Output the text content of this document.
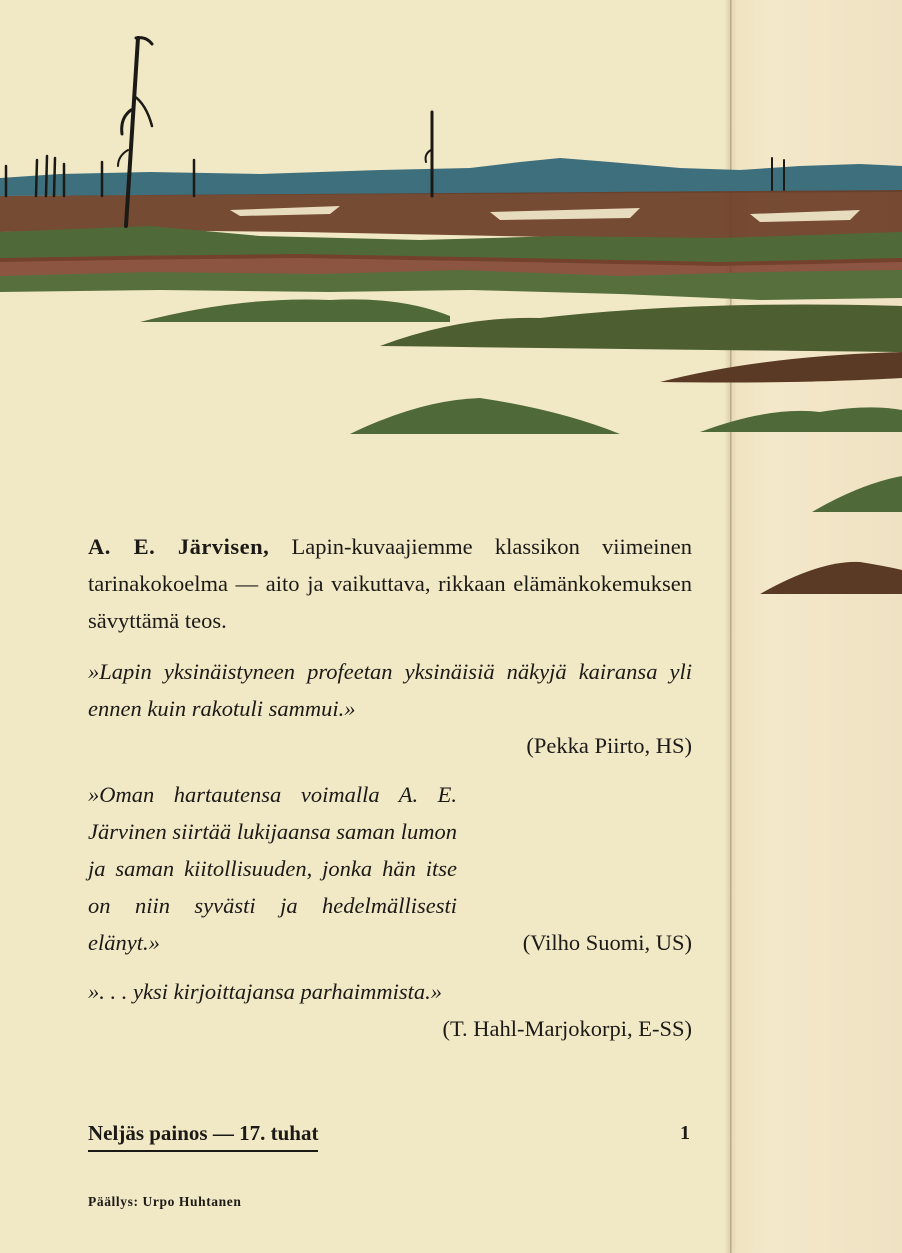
A. E. Järvisen, Lapin-kuvaajiemme klassikon viimeinen tarinakokoelma — aito ja vaikuttava, rikkaan elämänkokemuksen sävyttämä teos.

»Lapin yksinäistyneen profeetan yksinäisiä näkyjä kairansa yli ennen kuin rakotuli sammui.»

(Pekka Piirto, HS)

»Oman hartautensa voimalla A. E. Järvinen siirtää lukijaansa saman lumon ja saman kiitollisuuden, jonka hän itse on niin syvästi ja hedelmällisesti elänyt.»	(Vilho Suomi, US)

». . . yksi kirjoittajansa parhaimmista.»

(T. Hahl-Marjokorpi, E-SS)

Neljäs painos — 17. tuhat	1
Päällys: Urpo Huhtanen
